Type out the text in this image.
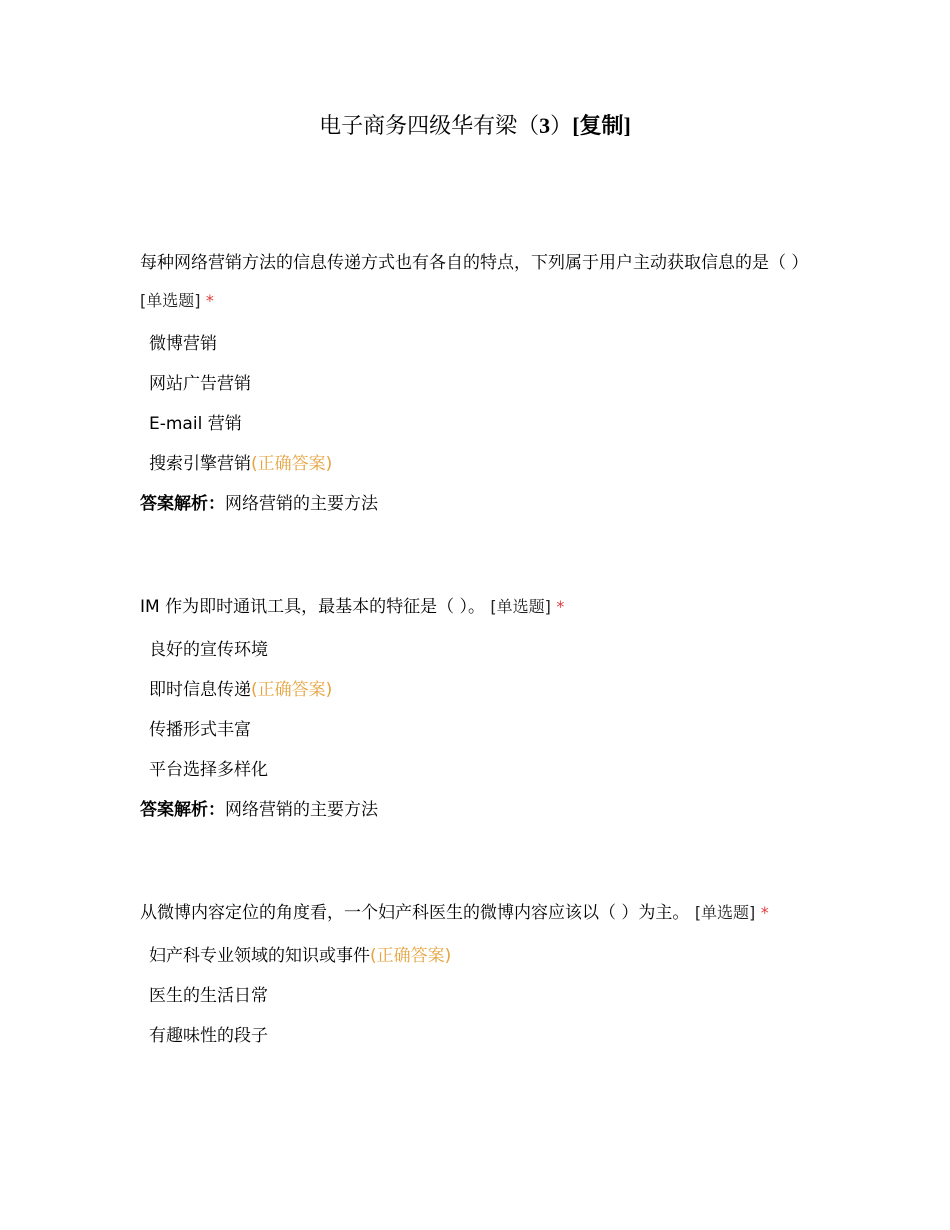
电子商务四级华有梁（3）[复制]

每种网络营销方法的信息传递方式也有各自的特点，下列属于用户主动获取信息的是（ ） [单选题] *

微博营销
网站广告营销
E-mail 营销
搜索引擎营销(正确答案)
答案解析：网络营销的主要方法

IM 作为即时通讯工具，最基本的特征是（ ）。 [单选题] *

良好的宣传环境
即时信息传递(正确答案)
传播形式丰富
平台选择多样化
答案解析：网络营销的主要方法

从微博内容定位的角度看，一个妇产科医生的微博内容应该以（ ）为主。 [单选题] *

妇产科专业领域的知识或事件(正确答案)
医生的生活日常
有趣味性的段子
